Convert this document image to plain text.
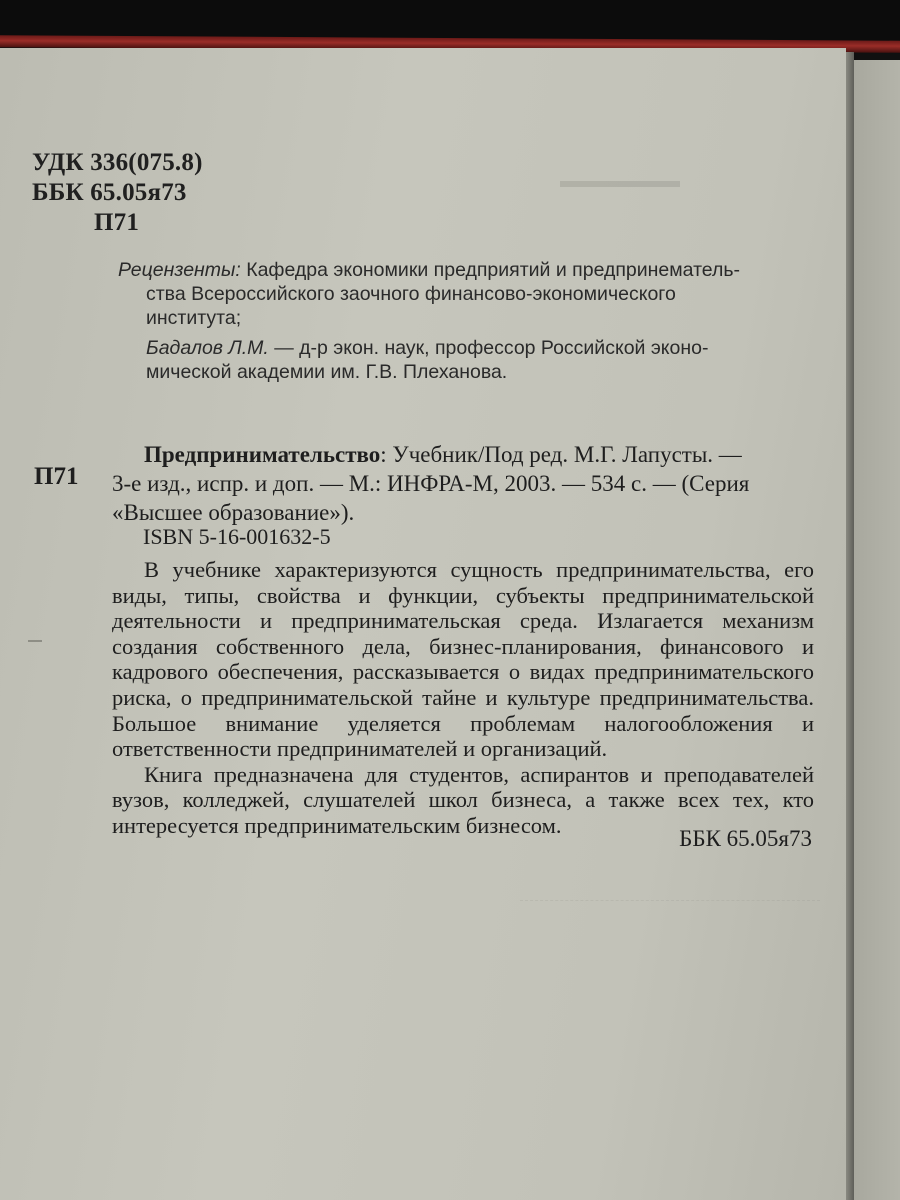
▬▬▬▬▬▬
УДК 336(075.8)
ББК 65.05я73
П71

Рецензенты: Кафедра экономики предприятий и предпринематель-

ства Всероссийского заочного финансово-экономического

института;

Бадалов Л.М. — д-р экон. наук, профессор Российской эконо-

мической академии им. Г.В. Плеханова.

П71
Предпринимательство: Учебник/Под ред. М.Г. Лапусты. —
3-е изд., испр. и доп. — М.: ИНФРА-М, 2003. — 534 с. — (Серия
«Высшее образование»).
ISBN 5-16-001632-5

В учебнике характеризуются сущность предпринимательства, его виды, типы, свойства и функции, субъекты предпринимательской деятельности и предпринимательская среда. Излагается механизм создания собственного дела, бизнес-планирования, финансового и кадрового обеспечения, рассказывается о видах предпринимательского риска, о предпринимательской тайне и культуре предпринимательства. Большое внимание уделяется проблемам налогообложения и ответственности предпринимателей и организаций.

Книга предназначена для студентов, аспирантов и преподавателей вузов, колледжей, слушателей школ бизнеса, а также всех тех, кто интересуется предпринимательским бизнесом.

ББК 65.05я73
